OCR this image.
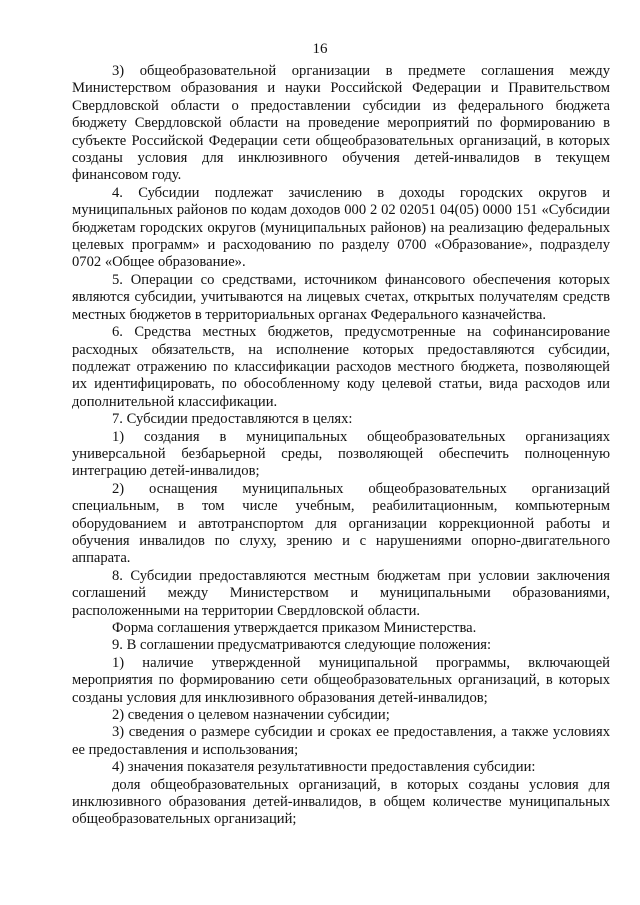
16

3) общеобразовательной организации в предмете соглашения между Министерством образования и науки Российской Федерации и Правительством Свердловской области о предоставлении субсидии из федерального бюджета бюджету Свердловской области на проведение мероприятий по формированию в субъекте Российской Федерации сети общеобразовательных организаций, в которых созданы условия для инклюзивного обучения детей-инвалидов в текущем финансовом году.

4. Субсидии подлежат зачислению в доходы городских округов и муниципальных районов по кодам доходов 000 2 02 02051 04(05) 0000 151 «Субсидии бюджетам городских округов (муниципальных районов) на реализацию федеральных целевых программ» и расходованию по разделу 0700 «Образование», подразделу 0702 «Общее образование».

5. Операции со средствами, источником финансового обеспечения которых являются субсидии, учитываются на лицевых счетах, открытых получателям средств местных бюджетов в территориальных органах Федерального казначейства.

6. Средства местных бюджетов, предусмотренные на софинансирование расходных обязательств, на исполнение которых предоставляются субсидии, подлежат отражению по классификации расходов местного бюджета, позволяющей их идентифицировать, по обособленному коду целевой статьи, вида расходов или дополнительной классификации.

7. Субсидии предоставляются в целях:

1) создания в муниципальных общеобразовательных организациях универсальной безбарьерной среды, позволяющей обеспечить полноценную интеграцию детей-инвалидов;

2) оснащения муниципальных общеобразовательных организаций специальным, в том числе учебным, реабилитационным, компьютерным оборудованием и автотранспортом для организации коррекционной работы и обучения инвалидов по слуху, зрению и с нарушениями опорно-двигательного аппарата.

8. Субсидии предоставляются местным бюджетам при условии заключения соглашений между Министерством и муниципальными образованиями, расположенными на территории Свердловской области.

Форма соглашения утверждается приказом Министерства.

9. В соглашении предусматриваются следующие положения:

1) наличие утвержденной муниципальной программы, включающей мероприятия по формированию сети общеобразовательных организаций, в которых созданы условия для инклюзивного образования детей-инвалидов;

2) сведения о целевом назначении субсидии;

3) сведения о размере субсидии и сроках ее предоставления, а также условиях ее предоставления и использования;

4) значения показателя результативности предоставления субсидии:

доля общеобразовательных организаций, в которых созданы условия для инклюзивного образования детей-инвалидов, в общем количестве муниципальных общеобразовательных организаций;
